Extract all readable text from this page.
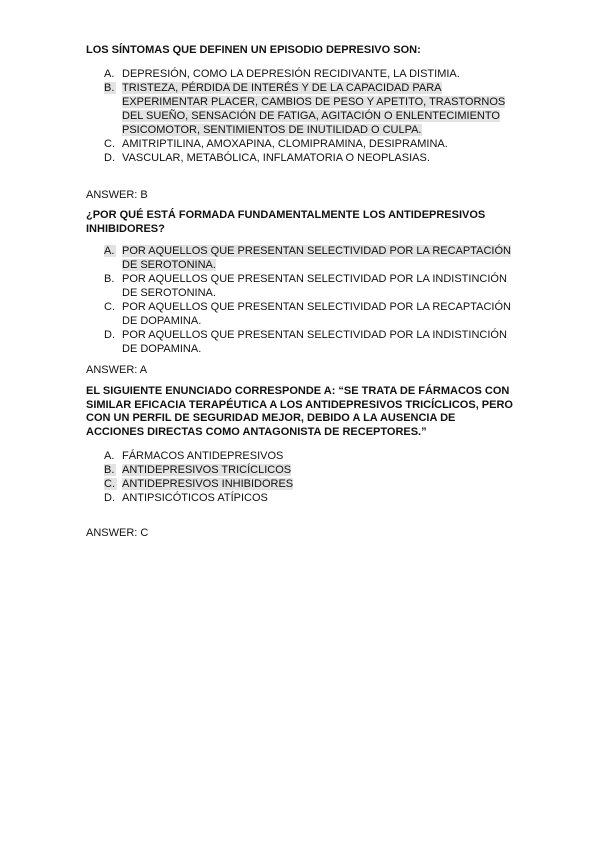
LOS SÍNTOMAS QUE DEFINEN UN EPISODIO DEPRESIVO SON:

A. DEPRESIÓN, COMO LA DEPRESIÓN RECIDIVANTE, LA DISTIMIA.
B. TRISTEZA, PÉRDIDA DE INTERÉS Y DE LA CAPACIDAD PARA EXPERIMENTAR PLACER, CAMBIOS DE PESO Y APETITO, TRASTORNOS DEL SUEÑO, SENSACIÓN DE FATIGA, AGITACIÓN O ENLENTECIMIENTO PSICOMOTOR, SENTIMIENTOS DE INUTILIDAD O CULPA.
C. AMITRIPTILINA, AMOXAPINA, CLOMIPRAMINA, DESIPRAMINA.
D. VASCULAR, METABÓLICA, INFLAMATORIA O NEOPLASIAS.
ANSWER: B

¿POR QUÉ ESTÁ FORMADA FUNDAMENTALMENTE LOS ANTIDEPRESIVOS INHIBIDORES?

A. POR AQUELLOS QUE PRESENTAN SELECTIVIDAD POR LA RECAPTACIÓN DE SEROTONINA.
B. POR AQUELLOS QUE PRESENTAN SELECTIVIDAD POR LA INDISTINCIÓN DE SEROTONINA.
C. POR AQUELLOS QUE PRESENTAN SELECTIVIDAD POR LA RECAPTACIÓN DE DOPAMINA.
D. POR AQUELLOS QUE PRESENTAN SELECTIVIDAD POR LA INDISTINCIÓN DE DOPAMINA.
ANSWER: A

EL SIGUIENTE ENUNCIADO CORRESPONDE A: “SE TRATA DE FÁRMACOS CON SIMILAR EFICACIA TERAPÉUTICA A LOS ANTIDEPRESIVOS TRICÍCLICOS, PERO CON UN PERFIL DE SEGURIDAD MEJOR, DEBIDO A LA AUSENCIA DE ACCIONES DIRECTAS COMO ANTAGONISTA DE RECEPTORES.”

A. FÁRMACOS ANTIDEPRESIVOS
B. ANTIDEPRESIVOS TRICÍCLICOS
C. ANTIDEPRESIVOS INHIBIDORES
D. ANTIPSICÓTICOS ATÍPICOS
ANSWER: C
